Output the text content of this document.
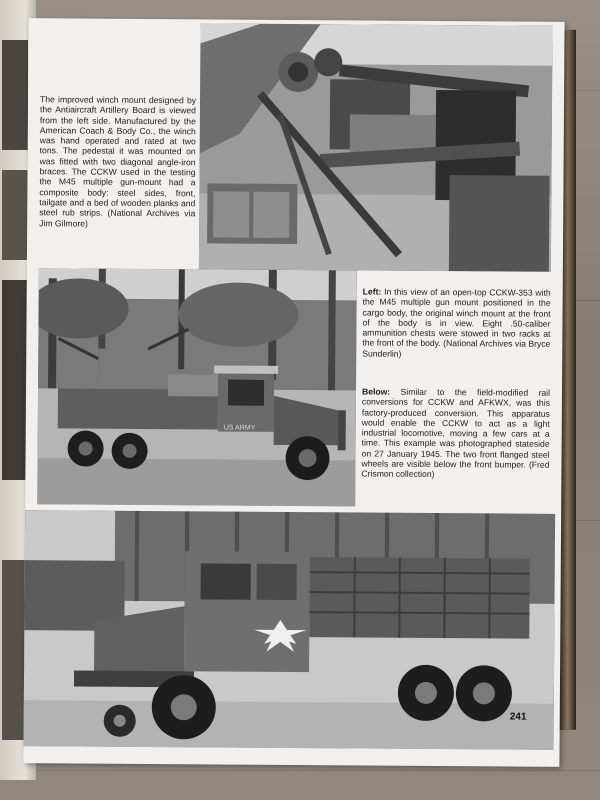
The improved winch mount designed by the Antiaircraft Artillery Board is viewed from the left side. Manufactured by the American Coach & Body Co., the winch was hand operated and rated at two tons. The pedestal it was mounted on was fitted with two diagonal angle-iron braces. The CCKW used in the testing the M45 multiple gun-mount had a composite body: steel sides, front, tailgate and a bed of wooden planks and steel rub strips. (National Archives via Jim Gilmore)

US ARMY

Left: In this view of an open-top CCKW-353 with the M45 multiple gun mount positioned in the cargo body, the original winch mount at the front of the body is in view. Eight .50-caliber ammunition chests were stowed in two racks at the front of the body. (National Archives via Bryce Sunderlin)

Below: Similar to the field-modified rail conversions for CCKW and AFKWX, was this factory-produced conversion. This apparatus would enable the CCKW to act as a light industrial locomotive, moving a few cars at a time. This example was photographed stateside on 27 January 1945. The two front flanged steel wheels are visible below the front bumper. (Fred Crismon collection)

241
